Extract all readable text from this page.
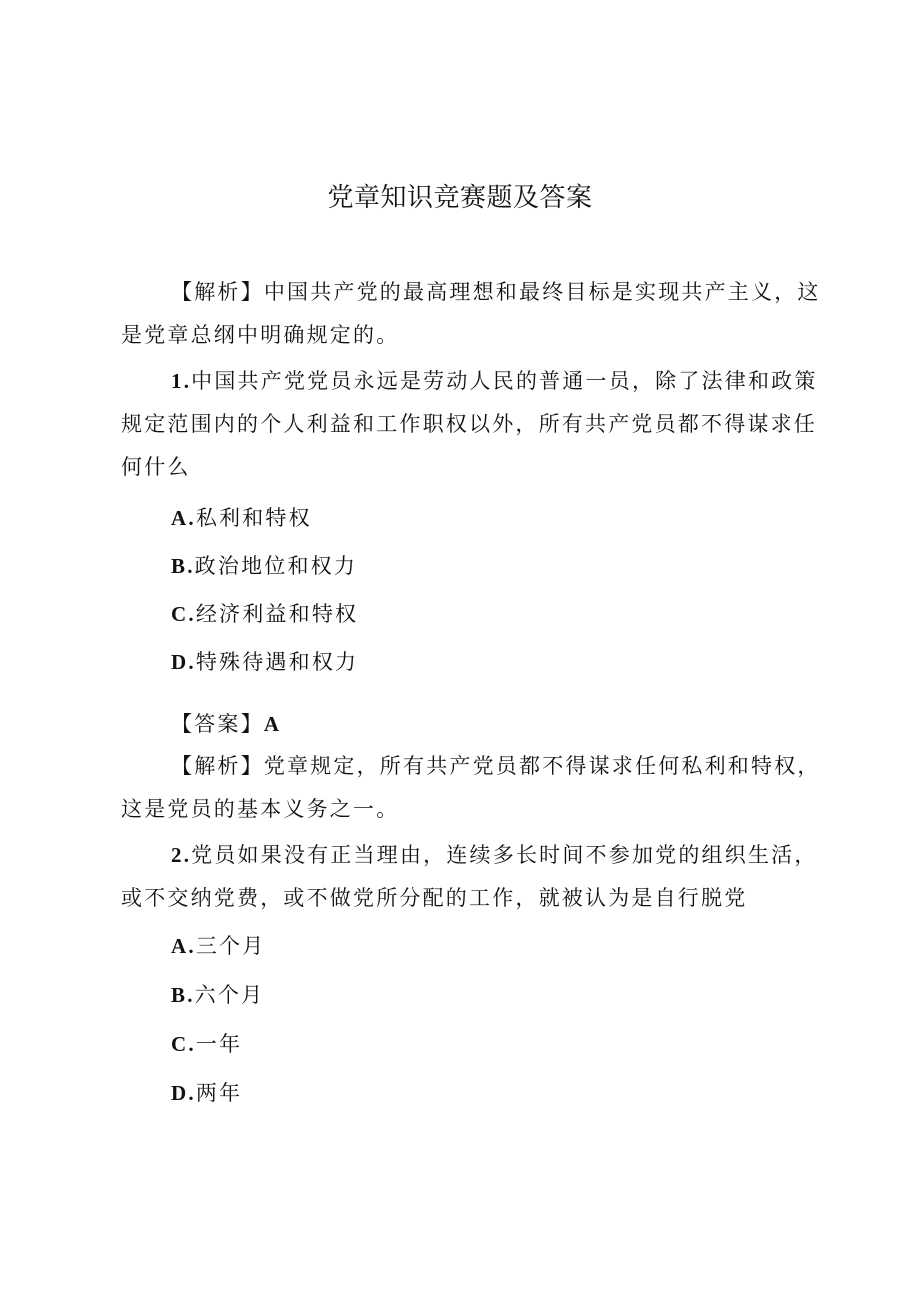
党章知识竞赛题及答案

【解析】中国共产党的最高理想和最终目标是实现共产主义，这是党章总纲中明确规定的。

1.中国共产党党员永远是劳动人民的普通一员，除了法律和政策规定范围内的个人利益和工作职权以外，所有共产党员都不得谋求任何什么

A.私利和特权

B.政治地位和权力

C.经济利益和特权

D.特殊待遇和权力

【答案】A

【解析】党章规定，所有共产党员都不得谋求任何私利和特权，这是党员的基本义务之一。

2.党员如果没有正当理由，连续多长时间不参加党的组织生活，或不交纳党费，或不做党所分配的工作，就被认为是自行脱党

A.三个月

B.六个月

C.一年

D.两年
